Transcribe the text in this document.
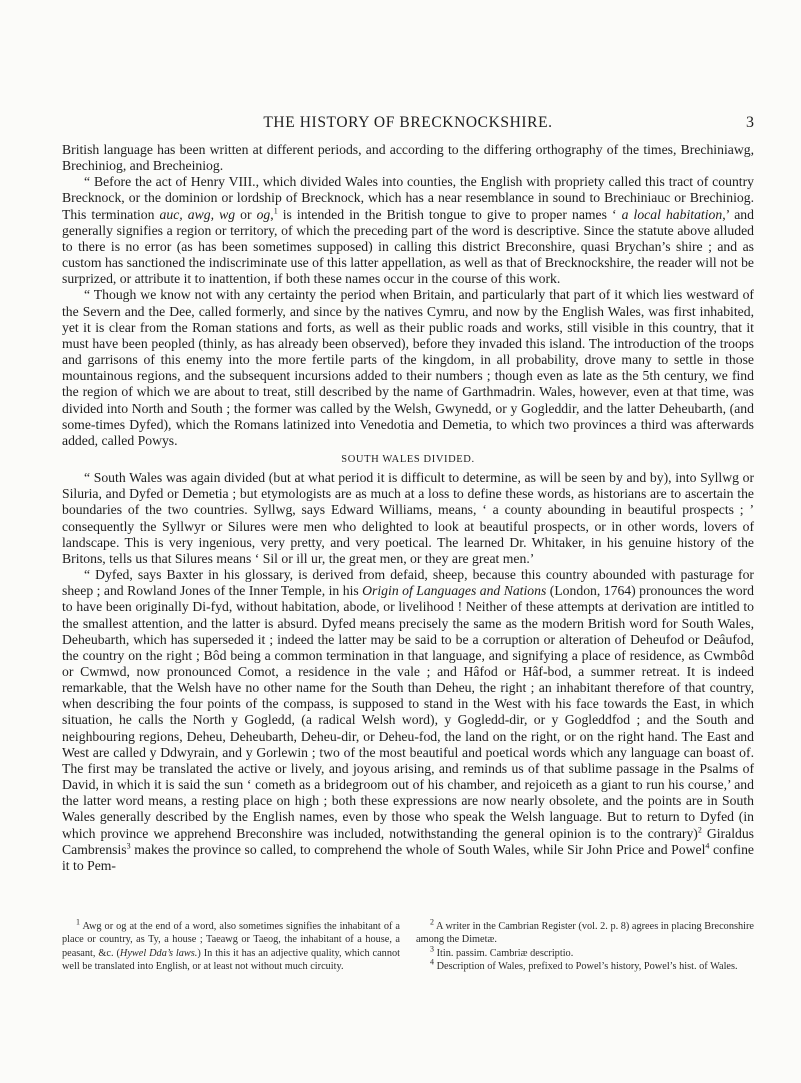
THE HISTORY OF BRECKNOCKSHIRE.	3

British language has been written at different periods, and according to the differing orthography of the times, Brechiniawg, Brechiniog, and Brecheiniog.

“ Before the act of Henry VIII., which divided Wales into counties, the English with propriety called this tract of country Brecknock, or the dominion or lordship of Brecknock, which has a near resemblance in sound to Brechiniauc or Brechiniog. This termination auc, awg, wg or og,$^1$ is intended in the British tongue to give to proper names ‘ a local habitation,’ and generally signifies a region or territory, of which the preceding part of the word is descriptive. Since the statute above alluded to there is no error (as has been sometimes supposed) in calling this district Breconshire, quasi Brychan’s shire ; and as custom has sanctioned the indiscriminate use of this latter appellation, as well as that of Brecknockshire, the reader will not be surprized, or attribute it to inattention, if both these names occur in the course of this work.

“ Though we know not with any certainty the period when Britain, and particularly that part of it which lies westward of the Severn and the Dee, called formerly, and since by the natives Cymru, and now by the English Wales, was first inhabited, yet it is clear from the Roman stations and forts, as well as their public roads and works, still visible in this country, that it must have been peopled (thinly, as has already been observed), before they invaded this island. The introduction of the troops and garrisons of this enemy into the more fertile parts of the kingdom, in all probability, drove many to settle in those mountainous regions, and the subsequent incursions added to their numbers ; though even as late as the 5th century, we find the region of which we are about to treat, still described by the name of Garthmadrin. Wales, however, even at that time, was divided into North and South ; the former was called by the Welsh, Gwynedd, or y Gogleddir, and the latter Deheubarth, (and some-times Dyfed), which the Romans latinized into Venedotia and Demetia, to which two provinces a third was afterwards added, called Powys.

SOUTH WALES DIVIDED.

“ South Wales was again divided (but at what period it is difficult to determine, as will be seen by and by), into Syllwg or Siluria, and Dyfed or Demetia ; but etymologists are as much at a loss to define these words, as historians are to ascertain the boundaries of the two countries. Syllwg, says Edward Williams, means, ‘ a county abounding in beautiful prospects ; ’ consequently the Syllwyr or Silures were men who delighted to look at beautiful prospects, or in other words, lovers of landscape. This is very ingenious, very pretty, and very poetical. The learned Dr. Whitaker, in his genuine history of the Britons, tells us that Silures means ‘ Sil or ill ur, the great men, or they are great men.’

“ Dyfed, says Baxter in his glossary, is derived from defaid, sheep, because this country abounded with pasturage for sheep ; and Rowland Jones of the Inner Temple, in his Origin of Languages and Nations (London, 1764) pronounces the word to have been originally Di-fyd, without habitation, abode, or livelihood ! Neither of these attempts at derivation are intitled to the smallest attention, and the latter is absurd. Dyfed means precisely the same as the modern British word for South Wales, Deheubarth, which has superseded it ; indeed the latter may be said to be a corruption or alteration of Deheufod or Deâufod, the country on the right ; Bôd being a common termination in that language, and signifying a place of residence, as Cwmbôd or Cwmwd, now pronounced Comot, a residence in the vale ; and Hâfod or Hâf-bod, a summer retreat. It is indeed remarkable, that the Welsh have no other name for the South than Deheu, the right ; an inhabitant therefore of that country, when describing the four points of the compass, is supposed to stand in the West with his face towards the East, in which situation, he calls the North y Gogledd, (a radical Welsh word), y Gogledd-dir, or y Gogleddfod ; and the South and neighbouring regions, Deheu, Deheubarth, Deheu-dir, or Deheu-fod, the land on the right, or on the right hand. The East and West are called y Ddwyrain, and y Gorlewin ; two of the most beautiful and poetical words which any language can boast of. The first may be translated the active or lively, and joyous arising, and reminds us of that sublime passage in the Psalms of David, in which it is said the sun ‘ cometh as a bridegroom out of his chamber, and rejoiceth as a giant to run his course,’ and the latter word means, a resting place on high ; both these expressions are now nearly obsolete, and the points are in South Wales generally described by the English names, even by those who speak the Welsh language. But to return to Dyfed (in which province we apprehend Breconshire was included, notwithstanding the general opinion is to the contrary)$^2$ Giraldus Cambrensis$^3$ makes the province so called, to comprehend the whole of South Wales, while Sir John Price and Powel$^4$ confine it to Pem-

$^1$ Awg or og at the end of a word, also sometimes signifies the inhabitant of a place or country, as Ty, a house ; Taeawg or Taeog, the inhabitant of a house, a peasant, &c. (Hywel Dda’s laws.) In this it has an adjective quality, which cannot well be translated into English, or at least not without much circuity.

$^2$ A writer in the Cambrian Register (vol. 2. p. 8) agrees in placing Breconshire among the Dimetæ.

$^3$ Itin. passim. Cambriæ descriptio.

$^4$ Description of Wales, prefixed to Powel’s history, Powel’s hist. of Wales.
